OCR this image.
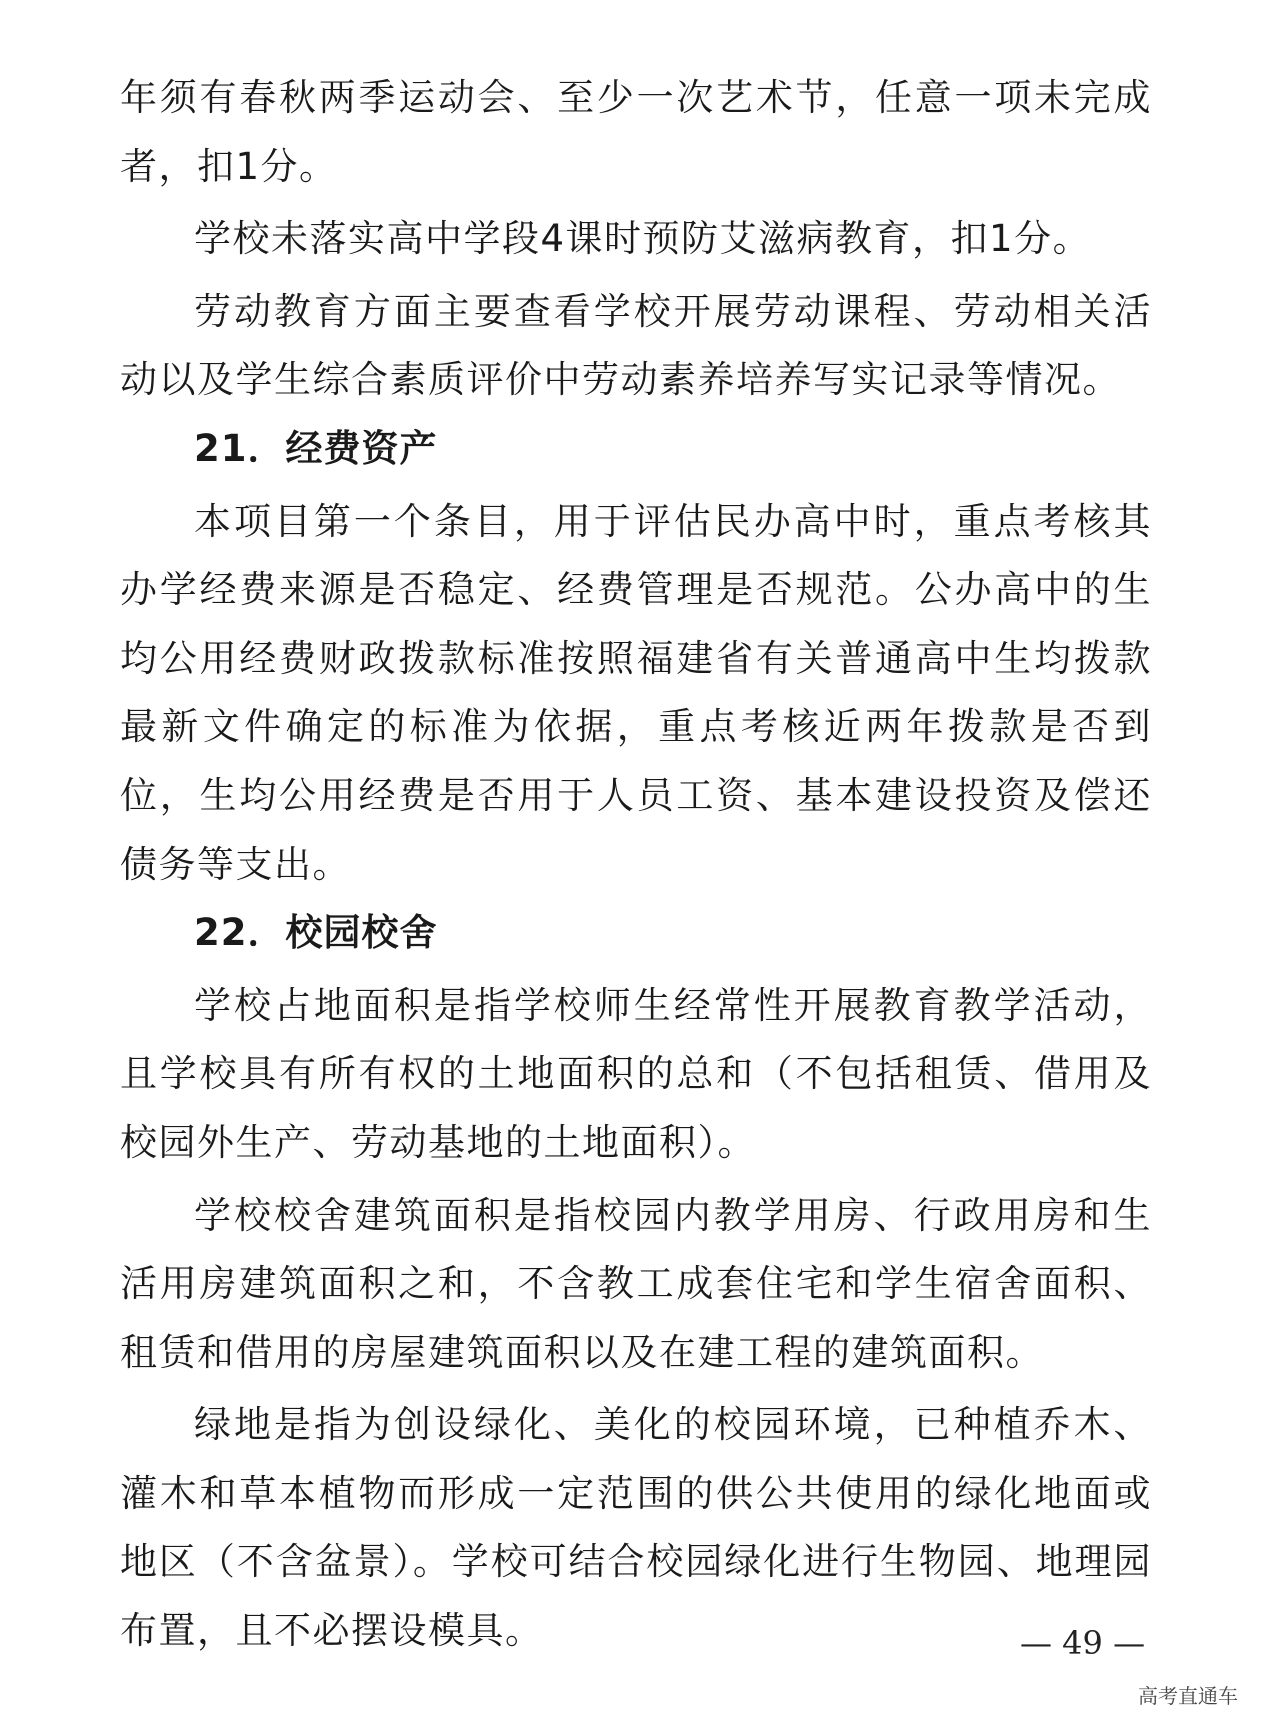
年须有春秋两季运动会、至少一次艺术节，任意一项未完成者，扣1分。

学校未落实高中学段4课时预防艾滋病教育，扣1分。

劳动教育方面主要查看学校开展劳动课程、劳动相关活动以及学生综合素质评价中劳动素养培养写实记录等情况。

21．经费资产

本项目第一个条目，用于评估民办高中时，重点考核其办学经费来源是否稳定、经费管理是否规范。公办高中的生均公用经费财政拨款标准按照福建省有关普通高中生均拨款最新文件确定的标准为依据，重点考核近两年拨款是否到位，生均公用经费是否用于人员工资、基本建设投资及偿还债务等支出。

22．校园校舍

学校占地面积是指学校师生经常性开展教育教学活动，且学校具有所有权的土地面积的总和（不包括租赁、借用及校园外生产、劳动基地的土地面积）。

学校校舍建筑面积是指校园内教学用房、行政用房和生活用房建筑面积之和，不含教工成套住宅和学生宿舍面积、租赁和借用的房屋建筑面积以及在建工程的建筑面积。

绿地是指为创设绿化、美化的校园环境，已种植乔木、灌木和草本植物而形成一定范围的供公共使用的绿化地面或地区（不含盆景）。学校可结合校园绿化进行生物园、地理园布置，且不必摆设模具。	— 49 —
高考直通车
